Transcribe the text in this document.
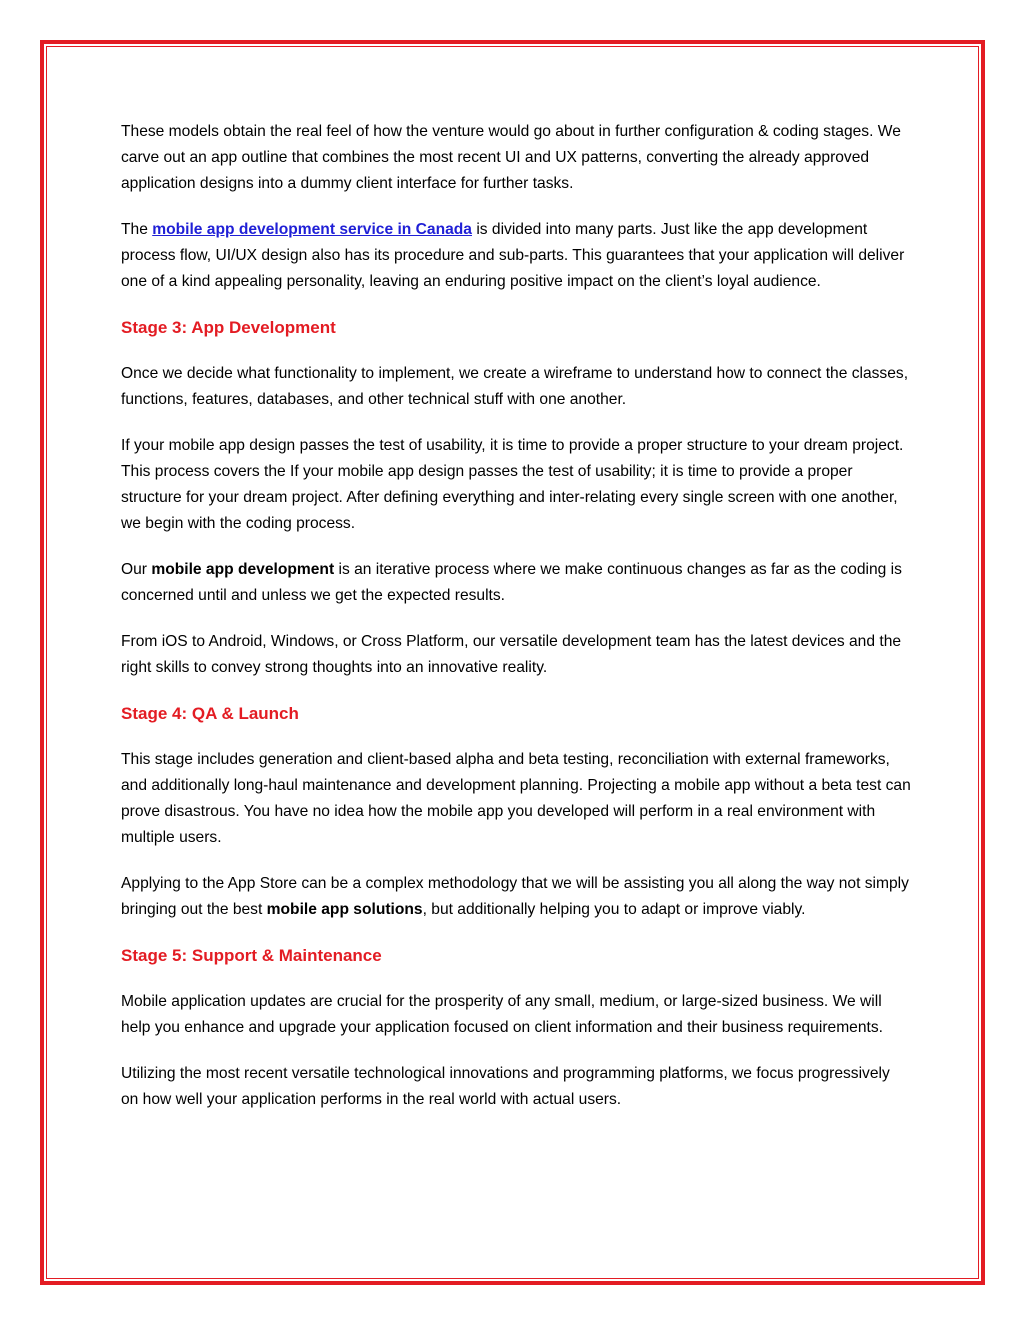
These models obtain the real feel of how the venture would go about in further configuration & coding stages. We carve out an app outline that combines the most recent UI and UX patterns, converting the already approved application designs into a dummy client interface for further tasks.

The mobile app development service in Canada is divided into many parts. Just like the app development process flow, UI/UX design also has its procedure and sub-parts. This guarantees that your application will deliver one of a kind appealing personality, leaving an enduring positive impact on the client’s loyal audience.

Stage 3: App Development

Once we decide what functionality to implement, we create a wireframe to understand how to connect the classes, functions, features, databases, and other technical stuff with one another.

If your mobile app design passes the test of usability, it is time to provide a proper structure to your dream project. This process covers the If your mobile app design passes the test of usability; it is time to provide a proper structure for your dream project. After defining everything and inter-relating every single screen with one another, we begin with the coding process.

Our mobile app development is an iterative process where we make continuous changes as far as the coding is concerned until and unless we get the expected results.

From iOS to Android, Windows, or Cross Platform, our versatile development team has the latest devices and the right skills to convey strong thoughts into an innovative reality.

Stage 4: QA & Launch

This stage includes generation and client-based alpha and beta testing, reconciliation with external frameworks, and additionally long-haul maintenance and development planning. Projecting a mobile app without a beta test can prove disastrous. You have no idea how the mobile app you developed will perform in a real environment with multiple users.

Applying to the App Store can be a complex methodology that we will be assisting you all along the way not simply bringing out the best mobile app solutions, but additionally helping you to adapt or improve viably.

Stage 5: Support & Maintenance

Mobile application updates are crucial for the prosperity of any small, medium, or large-sized business. We will help you enhance and upgrade your application focused on client information and their business requirements.

Utilizing the most recent versatile technological innovations and programming platforms, we focus progressively on how well your application performs in the real world with actual users.
